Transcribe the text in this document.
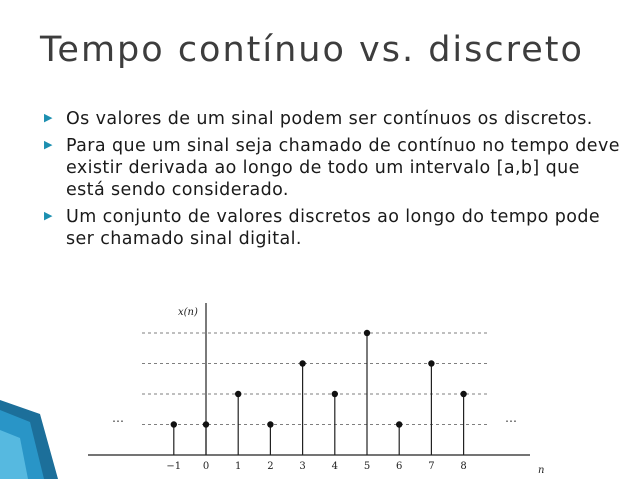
Tempo contínuo vs. discreto
▶ Os valores de um sinal podem ser contínuos os discretos.
▶ Para que um sinal seja chamado de contínuo no tempo deve existir derivada ao longo de todo um intervalo [a,b] que está sendo considerado.
▶ Um conjunto de valores discretos ao longo do tempo pode ser chamado sinal digital.
−1 0	1	2	3	4	5	6	7	8
x(n)
n
…	…
